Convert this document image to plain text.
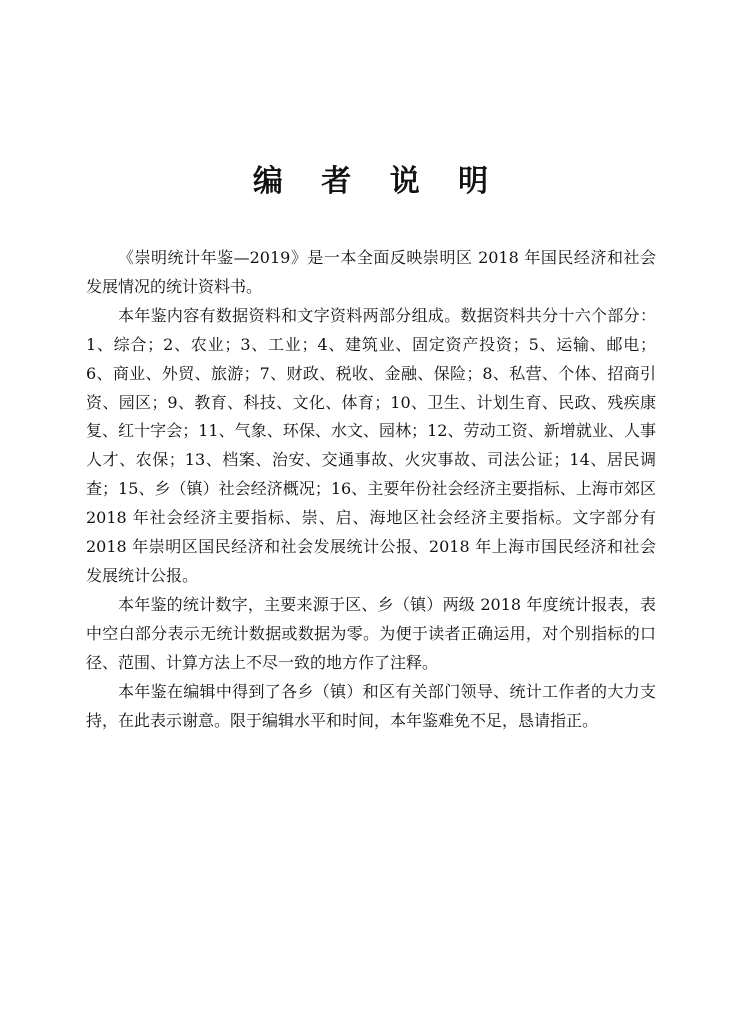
编 者 说 明

《崇明统计年鉴—2019》是一本全面反映崇明区 2018 年国民经济和社会发展情况的统计资料书。

本年鉴内容有数据资料和文字资料两部分组成。数据资料共分十六个部分：1、综合；2、农业；3、工业；4、建筑业、固定资产投资；5、运输、邮电；6、商业、外贸、旅游；7、财政、税收、金融、保险；8、私营、个体、招商引资、园区；9、教育、科技、文化、体育；10、卫生、计划生育、民政、残疾康复、红十字会；11、气象、环保、水文、园林；12、劳动工资、新增就业、人事人才、农保；13、档案、治安、交通事故、火灾事故、司法公证；14、居民调查；15、乡（镇）社会经济概况；16、主要年份社会经济主要指标、上海市郊区 2018 年社会经济主要指标、崇、启、海地区社会经济主要指标。文字部分有 2018 年崇明区国民经济和社会发展统计公报、2018 年上海市国民经济和社会发展统计公报。

本年鉴的统计数字，主要来源于区、乡（镇）两级 2018 年度统计报表，表中空白部分表示无统计数据或数据为零。为便于读者正确运用，对个别指标的口径、范围、计算方法上不尽一致的地方作了注释。

本年鉴在编辑中得到了各乡（镇）和区有关部门领导、统计工作者的大力支持，在此表示谢意。限于编辑水平和时间，本年鉴难免不足，恳请指正。
